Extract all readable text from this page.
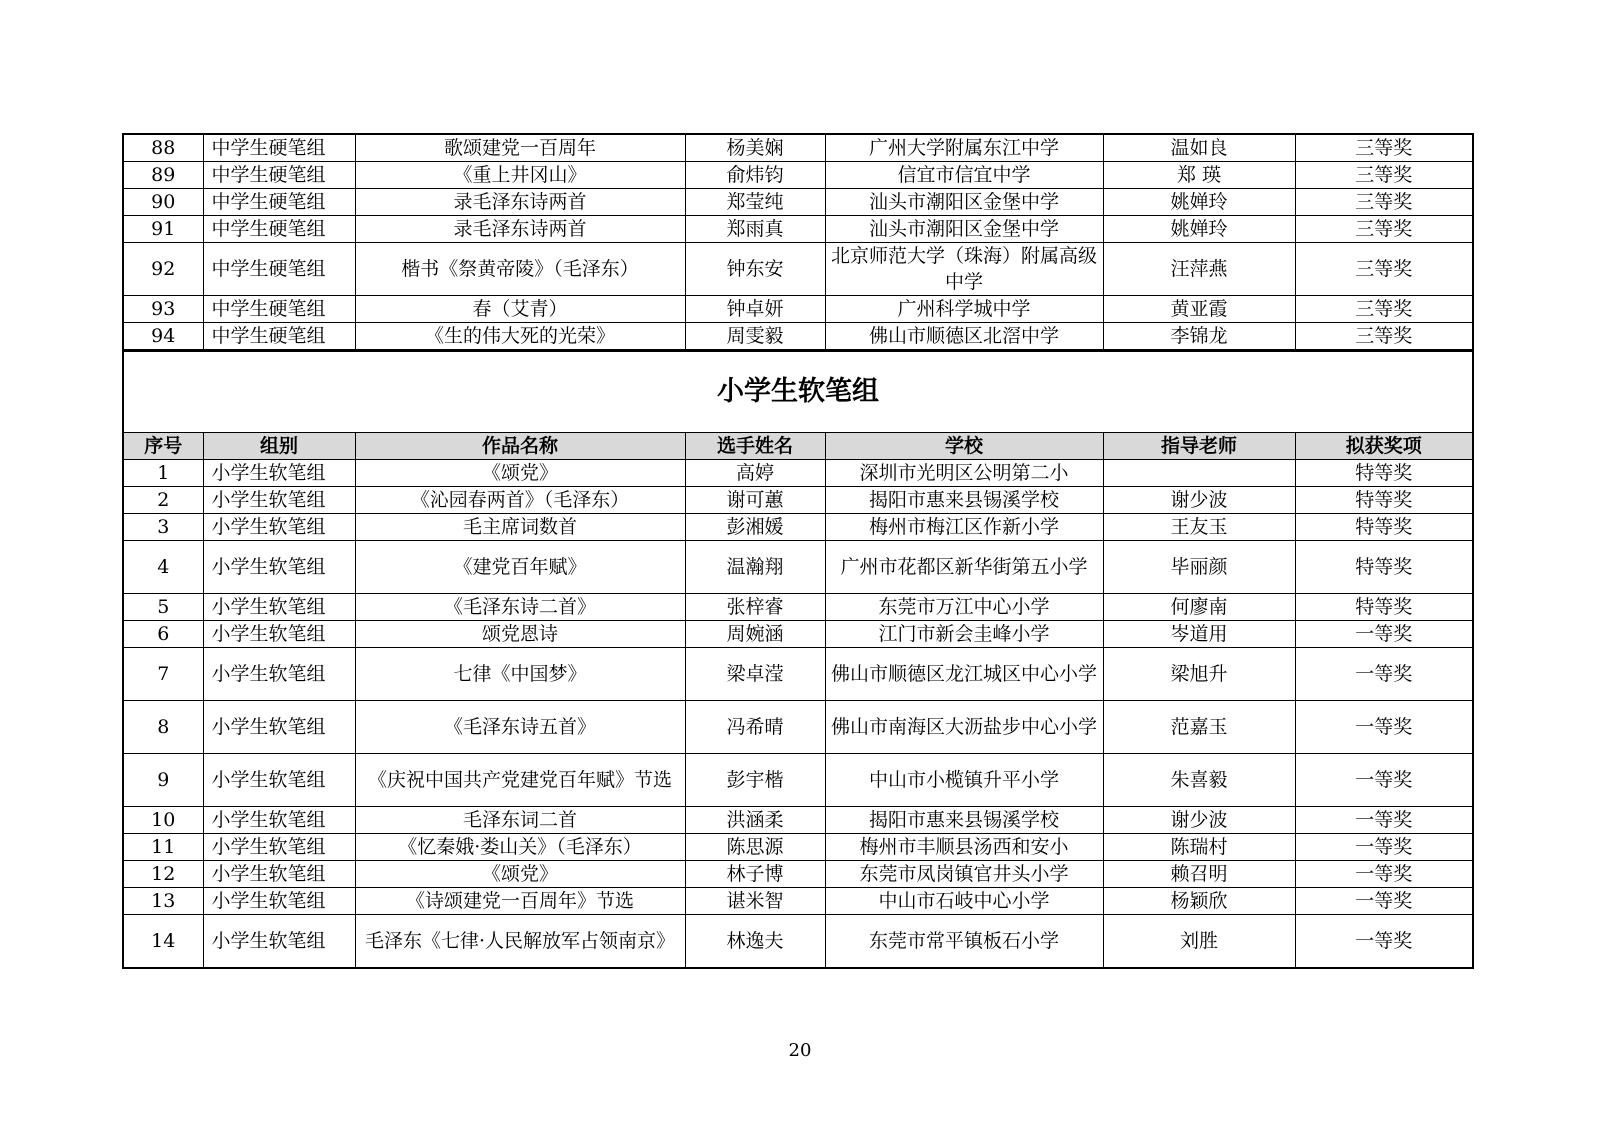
88	中学生硬笔组	歌颂建党一百周年	杨美娴	广州大学附属东江中学	温如良	三等奖
89	中学生硬笔组	《重上井冈山》	俞炜钧	信宜市信宜中学	郑 瑛	三等奖
90	中学生硬笔组	录毛泽东诗两首	郑莹纯	汕头市潮阳区金堡中学	姚婵玲	三等奖
91	中学生硬笔组	录毛泽东诗两首	郑雨真	汕头市潮阳区金堡中学	姚婵玲	三等奖
92	中学生硬笔组	楷书《祭黄帝陵》（毛泽东）	钟东安	北京师范大学（珠海）附属高级中学	汪萍燕	三等奖
93	中学生硬笔组	春（艾青）	钟卓妍	广州科学城中学	黄亚霞	三等奖
94	中学生硬笔组	《生的伟大死的光荣》	周雯毅	佛山市顺德区北滘中学	李锦龙	三等奖
小学生软笔组						
序号	组别	作品名称	选手姓名	学校	指导老师	拟获奖项
1	小学生软笔组	《颂党》	高婷	深圳市光明区公明第二小		特等奖
2	小学生软笔组	《沁园春两首》（毛泽东）	谢可蕙	揭阳市惠来县锡溪学校	谢少波	特等奖
3	小学生软笔组	毛主席词数首	彭湘媛	梅州市梅江区作新小学	王友玉	特等奖
4	小学生软笔组	《建党百年赋》	温瀚翔	广州市花都区新华街第五小学	毕丽颜	特等奖
5	小学生软笔组	《毛泽东诗二首》	张梓睿	东莞市万江中心小学	何廖南	特等奖
6	小学生软笔组	颂党恩诗	周婉涵	江门市新会圭峰小学	岑道用	一等奖
7	小学生软笔组	七律《中国梦》	梁卓滢	佛山市顺德区龙江城区中心小学	梁旭升	一等奖
8	小学生软笔组	《毛泽东诗五首》	冯希晴	佛山市南海区大沥盐步中心小学	范嘉玉	一等奖
9	小学生软笔组	《庆祝中国共产党建党百年赋》节选	彭宇楷	中山市小榄镇升平小学	朱喜毅	一等奖
10	小学生软笔组	毛泽东词二首	洪涵柔	揭阳市惠来县锡溪学校	谢少波	一等奖
11	小学生软笔组	《忆秦娥·娄山关》（毛泽东）	陈思源	梅州市丰顺县汤西和安小	陈瑞村	一等奖
12	小学生软笔组	《颂党》	林子博	东莞市凤岗镇官井头小学	赖召明	一等奖
13	小学生软笔组	《诗颂建党一百周年》节选	谌米智	中山市石岐中心小学	杨颖欣	一等奖
14	小学生软笔组	毛泽东《七律·人民解放军占领南京》	林逸夫	东莞市常平镇板石小学	刘胜	一等奖
20
